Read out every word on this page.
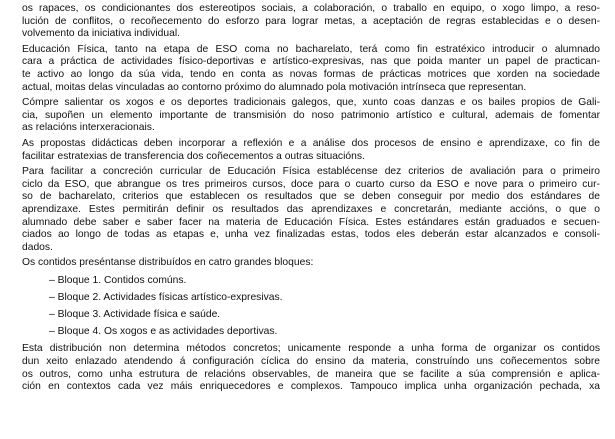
os rapaces, os condicionantes dos estereotipos sociais, a colaboración, o traballo en equipo, o xogo limpo, a reso-
lución de conflitos, o recoñecemento do esforzo para lograr metas, a aceptación de regras establecidas e o desen-
volvemento da iniciativa individual.
Educación Física, tanto na etapa de ESO coma no bacharelato, terá como fin estratéxico introducir o alumnado
cara a práctica de actividades físico-deportivas e artístico-expresivas, nas que poida manter un papel de practican-
te activo ao longo da súa vida, tendo en conta as novas formas de prácticas motrices que xorden na sociedade
actual, moitas delas vinculadas ao contorno próximo do alumnado pola motivación intrínseca que representan.
Cómpre salientar os xogos e os deportes tradicionais galegos, que, xunto coas danzas e os bailes propios de Gali-
cia, supoñen un elemento importante de transmisión do noso patrimonio artístico e cultural, ademais de fomentar
as relacións interxeracionais.
As propostas didácticas deben incorporar a reflexión e a análise dos procesos de ensino e aprendizaxe, co fin de
facilitar estratexias de transferencia dos coñecementos a outras situacións.
Para facilitar a concreción curricular de Educación Física establécense dez criterios de avaliación para o primeiro
ciclo da ESO, que abrangue os tres primeiros cursos, doce para o cuarto curso da ESO e nove para o primeiro cur-
so de bacharelato, criterios que establecen os resultados que se deben conseguir por medio dos estándares de
aprendizaxe. Estes permitirán definir os resultados das aprendizaxes e concretarán, mediante accións, o que o
alumnado debe saber e saber facer na materia de Educación Física. Estes estándares están graduados e secuen-
ciados ao longo de todas as etapas e, unha vez finalizadas estas, todos eles deberán estar alcanzados e consoli-
dados.
Os contidos preséntanse distribuídos en catro grandes bloques:
– Bloque 1. Contidos comúns.
– Bloque 2. Actividades físicas artístico-expresivas.
– Bloque 3. Actividade física e saúde.
– Bloque 4. Os xogos e as actividades deportivas.
Esta distribución non determina métodos concretos; unicamente responde a unha forma de organizar os contidos
dun xeito enlazado atendendo á configuración cíclica do ensino da materia, construíndo uns coñecementos sobre
os outros, como unha estrutura de relacións observables, de maneira que se facilite a súa comprensión e aplica-
ción en contextos cada vez máis enriquecedores e complexos. Tampouco implica unha organización pechada, xa
